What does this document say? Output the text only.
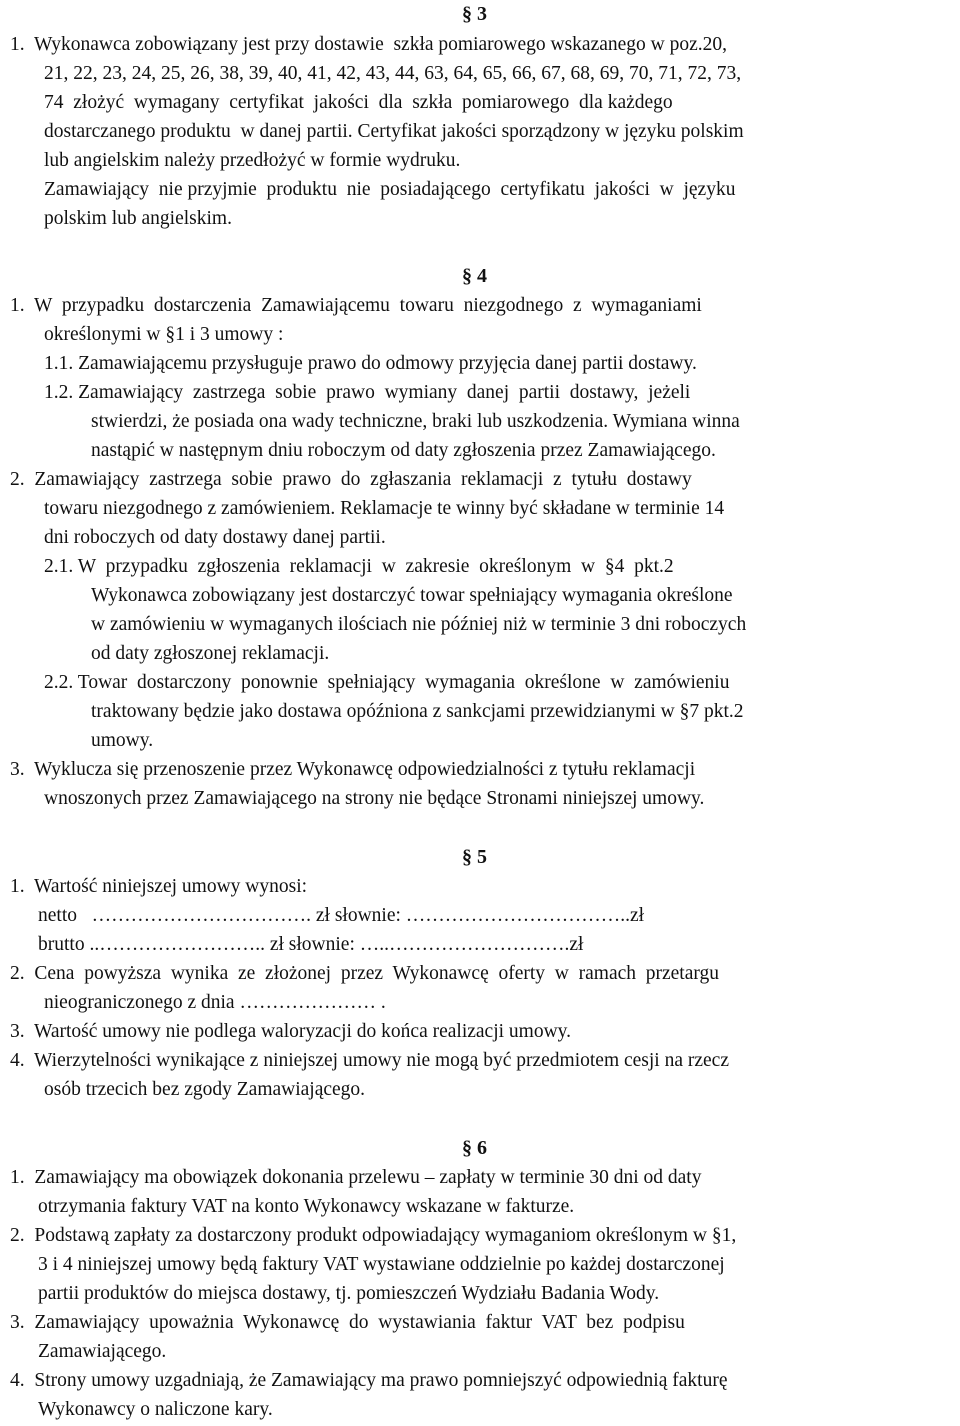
§ 3
1.  Wykonawca zobowiązany jest przy dostawie  szkła pomiarowego wskazanego w poz.20,
21, 22, 23, 24, 25, 26, 38, 39, 40, 41, 42, 43, 44, 63, 64, 65, 66, 67, 68, 69, 70, 71, 72, 73,
74  złożyć  wymagany  certyfikat  jakości  dla  szkła  pomiarowego  dla każdego
dostarczanego produktu  w danej partii. Certyfikat jakości sporządzony w języku polskim
lub angielskim należy przedłożyć w formie wydruku.
Zamawiający  nie przyjmie  produktu  nie  posiadającego  certyfikatu  jakości  w  języku
polskim lub angielskim.
§ 4
1.  W  przypadku  dostarczenia  Zamawiającemu  towaru  niezgodnego  z  wymaganiami
określonymi w §1 i 3 umowy :
1.1. Zamawiającemu przysługuje prawo do odmowy przyjęcia danej partii dostawy.
1.2. Zamawiający  zastrzega  sobie  prawo  wymiany  danej  partii  dostawy,  jeżeli
stwierdzi, że posiada ona wady techniczne, braki lub uszkodzenia. Wymiana winna
nastąpić w następnym dniu roboczym od daty zgłoszenia przez Zamawiającego.
2.  Zamawiający  zastrzega  sobie  prawo  do  zgłaszania  reklamacji  z  tytułu  dostawy
towaru niezgodnego z zamówieniem. Reklamacje te winny być składane w terminie 14
dni roboczych od daty dostawy danej partii.
2.1. W  przypadku  zgłoszenia  reklamacji  w  zakresie  określonym  w  §4  pkt.2
Wykonawca zobowiązany jest dostarczyć towar spełniający wymagania określone
w zamówieniu w wymaganych ilościach nie później niż w terminie 3 dni roboczych
od daty zgłoszonej reklamacji.
2.2. Towar  dostarczony  ponownie  spełniający  wymagania  określone  w  zamówieniu
traktowany będzie jako dostawa opóźniona z sankcjami przewidzianymi w §7 pkt.2
umowy.
3.  Wyklucza się przenoszenie przez Wykonawcę odpowiedzialności z tytułu reklamacji
wnoszonych przez Zamawiającego na strony nie będące Stronami niniejszej umowy.
§ 5
1.  Wartość niniejszej umowy wynosi:
netto   ……………………………. zł słownie: ……………………………..zł
brutto ..…………………….. zł słownie: …..……………………….zł
2.  Cena  powyższa  wynika  ze  złożonej  przez  Wykonawcę  oferty  w  ramach  przetargu
nieograniczonego z dnia ………………… .
3.  Wartość umowy nie podlega waloryzacji do końca realizacji umowy.
4.  Wierzytelności wynikające z niniejszej umowy nie mogą być przedmiotem cesji na rzecz
osób trzecich bez zgody Zamawiającego.
§ 6
1.  Zamawiający ma obowiązek dokonania przelewu – zapłaty w terminie 30 dni od daty
otrzymania faktury VAT na konto Wykonawcy wskazane w fakturze.
2.  Podstawą zapłaty za dostarczony produkt odpowiadający wymaganiom określonym w §1,
3 i 4 niniejszej umowy będą faktury VAT wystawiane oddzielnie po każdej dostarczonej
partii produktów do miejsca dostawy, tj. pomieszczeń Wydziału Badania Wody.
3.  Zamawiający  upoważnia  Wykonawcę  do  wystawiania  faktur  VAT  bez  podpisu
Zamawiającego.
4.  Strony umowy uzgadniają, że Zamawiający ma prawo pomniejszyć odpowiednią fakturę
Wykonawcy o naliczone kary.
